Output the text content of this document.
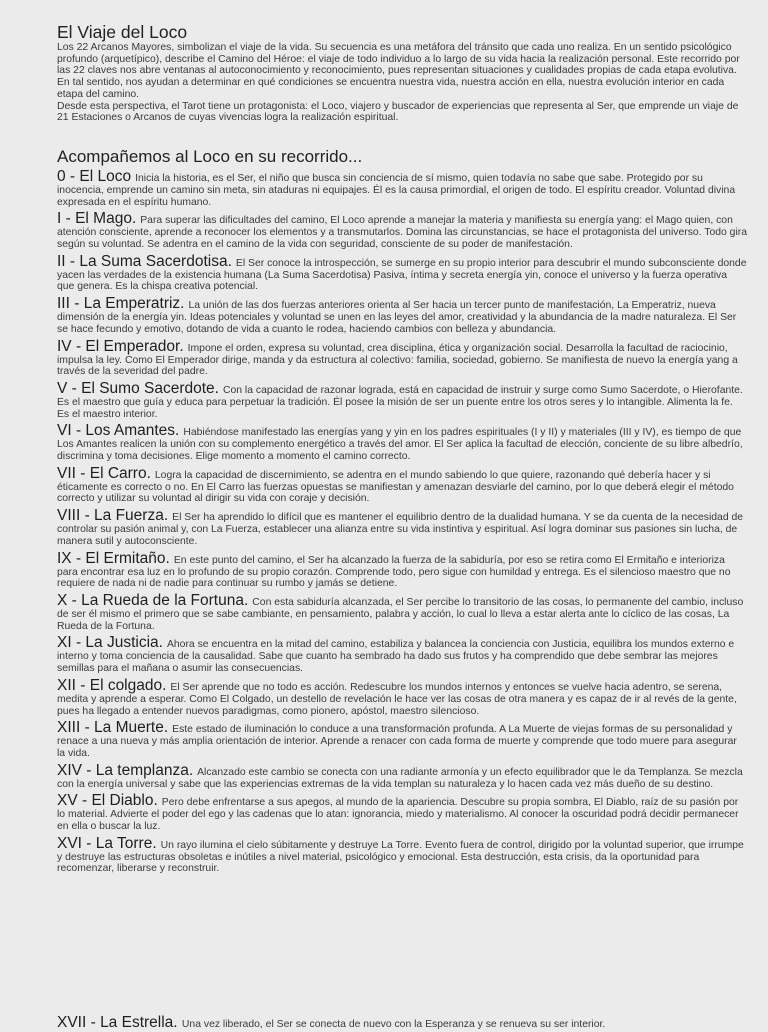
El Viaje del Loco

Los 22 Arcanos Mayores, simbolizan el viaje de la vida. Su secuencia es una metáfora del tránsito que cada uno realiza. En un sentido psicológico profundo (arquetípico), describe el Camino del Héroe: el viaje de todo individuo a lo largo de su vida hacia la realización personal. Este recorrido por las 22 claves nos abre ventanas al autoconocimiento y reconocimiento, pues representan situaciones y cualidades propias de cada etapa evolutiva. En tal sentido, nos ayudan a determinar en qué condiciones se encuentra nuestra vida, nuestra acción en ella, nuestra evolución interior en cada etapa del camino.

Desde esta perspectiva, el Tarot tiene un protagonista: el Loco, viajero y buscador de experiencias que representa al Ser, que emprende un viaje de 21 Estaciones o Arcanos de cuyas vivencias logra la realización espiritual.

Acompañemos al Loco en su recorrido...
0 - El Loco Inicia la historia, es el Ser, el niño que busca sin conciencia de sí mismo, quien todavía no sabe que sabe. Protegido por su inocencia, emprende un camino sin meta, sin ataduras ni equipajes. Él es la causa primordial, el origen de todo. El espíritu creador. Voluntad divina expresada en el espíritu humano.
I - El Mago. Para superar las dificultades del camino, El Loco aprende a manejar la materia y manifiesta su energía yang: el Mago quien, con atención consciente, aprende a reconocer los elementos y a transmutarlos. Domina las circunstancias, se hace el protagonista del universo. Todo gira según su voluntad. Se adentra en el camino de la vida con seguridad, consciente de su poder de manifestación.
II - La Suma Sacerdotisa. El Ser conoce la introspección, se sumerge en su propio interior para descubrir el mundo subconsciente donde yacen las verdades de la existencia humana (La Suma Sacerdotisa) Pasiva, íntima y secreta energía yin, conoce el universo y la fuerza operativa que genera. Es la chispa creativa potencial.
III - La Emperatriz. La unión de las dos fuerzas anteriores orienta al Ser hacia un tercer punto de manifestación, La Emperatriz, nueva dimensión de la energía yin. Ideas potenciales y voluntad se unen en las leyes del amor, creatividad y la abundancia de la madre naturaleza. El Ser se hace fecundo y emotivo, dotando de vida a cuanto le rodea, haciendo cambios con belleza y abundancia.
IV - El Emperador. Impone el orden, expresa su voluntad, crea disciplina, ética y organización social. Desarrolla la facultad de raciocinio, impulsa la ley. Como El Emperador dirige, manda y da estructura al colectivo: familia, sociedad, gobierno. Se manifiesta de nuevo la energía yang a través de la severidad del padre.
V - El Sumo Sacerdote. Con la capacidad de razonar lograda, está en capacidad de instruir y surge como Sumo Sacerdote, o Hierofante. Es el maestro que guía y educa para perpetuar la tradición. Él posee la misión de ser un puente entre los otros seres y lo intangible. Alimenta la fe. Es el maestro interior.
VI - Los Amantes. Habiéndose manifestado las energías yang y yin en los padres espirituales (I y II) y materiales (III y IV), es tiempo de que Los Amantes realicen la unión con su complemento energético a través del amor. El Ser aplica la facultad de elección, conciente de su libre albedrío, discrimina y toma decisiones. Elige momento a momento el camino correcto.
VII - El Carro. Logra la capacidad de discernimiento, se adentra en el mundo sabiendo lo que quiere, razonando qué debería hacer y si éticamente es correcto o no. En El Carro las fuerzas opuestas se manifiestan y amenazan desviarle del camino, por lo que deberá elegir el método correcto y utilizar su voluntad al dirigir su vida con coraje y decisión.
VIII - La Fuerza. El Ser ha aprendido lo difícil que es mantener el equilibrio dentro de la dualidad humana. Y se da cuenta de la necesidad de controlar su pasión animal y, con La Fuerza, establecer una alianza entre su vida instintiva y espiritual. Así logra dominar sus pasiones sin lucha, de manera sutil y autoconsciente.
IX - El Ermitaño. En este punto del camino, el Ser ha alcanzado la fuerza de la sabiduría, por eso se retira como El Ermitaño e interioriza para encontrar esa luz en lo profundo de su propio corazón. Comprende todo, pero sigue con humildad y entrega. Es el silencioso maestro que no requiere de nada ni de nadie para continuar su rumbo y jamás se detiene.
X - La Rueda de la Fortuna. Con esta sabiduría alcanzada, el Ser percibe lo transitorio de las cosas, lo permanente del cambio, incluso de ser él mismo el primero que se sabe cambiante, en pensamiento, palabra y acción, lo cual lo lleva a estar alerta ante lo cíclico de las cosas, La Rueda de la Fortuna.
XI - La Justicia. Ahora se encuentra en la mitad del camino, estabiliza y balancea la conciencia con Justicia, equilibra los mundos externo e interno y toma conciencia de la causalidad. Sabe que cuanto ha sembrado ha dado sus frutos y ha comprendido que debe sembrar las mejores semillas para el mañana o asumir las consecuencias.
XII - El colgado. El Ser aprende que no todo es acción. Redescubre los mundos internos y entonces se vuelve hacia adentro, se serena, medita y aprende a esperar. Como El Colgado, un destello de revelación le hace ver las cosas de otra manera y es capaz de ir al revés de la gente, pues ha llegado a entender nuevos paradigmas, como pionero, apóstol, maestro silencioso.
XIII - La Muerte. Este estado de iluminación lo conduce a una transformación profunda. A La Muerte de viejas formas de su personalidad y renace a una nueva y más amplia orientación de interior. Aprende a renacer con cada forma de muerte y comprende que todo muere para asegurar la vida.
XIV - La templanza. Alcanzado este cambio se conecta con una radiante armonía y un efecto equilibrador que le da Templanza. Se mezcla con la energía universal y sabe que las experiencias extremas de la vida templan su naturaleza y lo hacen cada vez más dueño de su destino.
XV - El Diablo. Pero debe enfrentarse a sus apegos, al mundo de la apariencia. Descubre su propia sombra, El Diablo, raíz de su pasión por lo material. Advierte el poder del ego y las cadenas que lo atan: ignorancia, miedo y materialismo. Al conocer la oscuridad podrá decidir permanecer en ella o buscar la luz.
XVI - La Torre. Un rayo ilumina el cielo súbitamente y destruye La Torre. Evento fuera de control, dirigido por la voluntad superior, que irrumpe y destruye las estructuras obsoletas e inútiles a nivel material, psicológico y emocional. Esta destrucción, esta crisis, da la oportunidad para recomenzar, liberarse y reconstruir.
XVII - La Estrella. Una vez liberado, el Ser se conecta de nuevo con la Esperanza y se renueva su ser interior.
